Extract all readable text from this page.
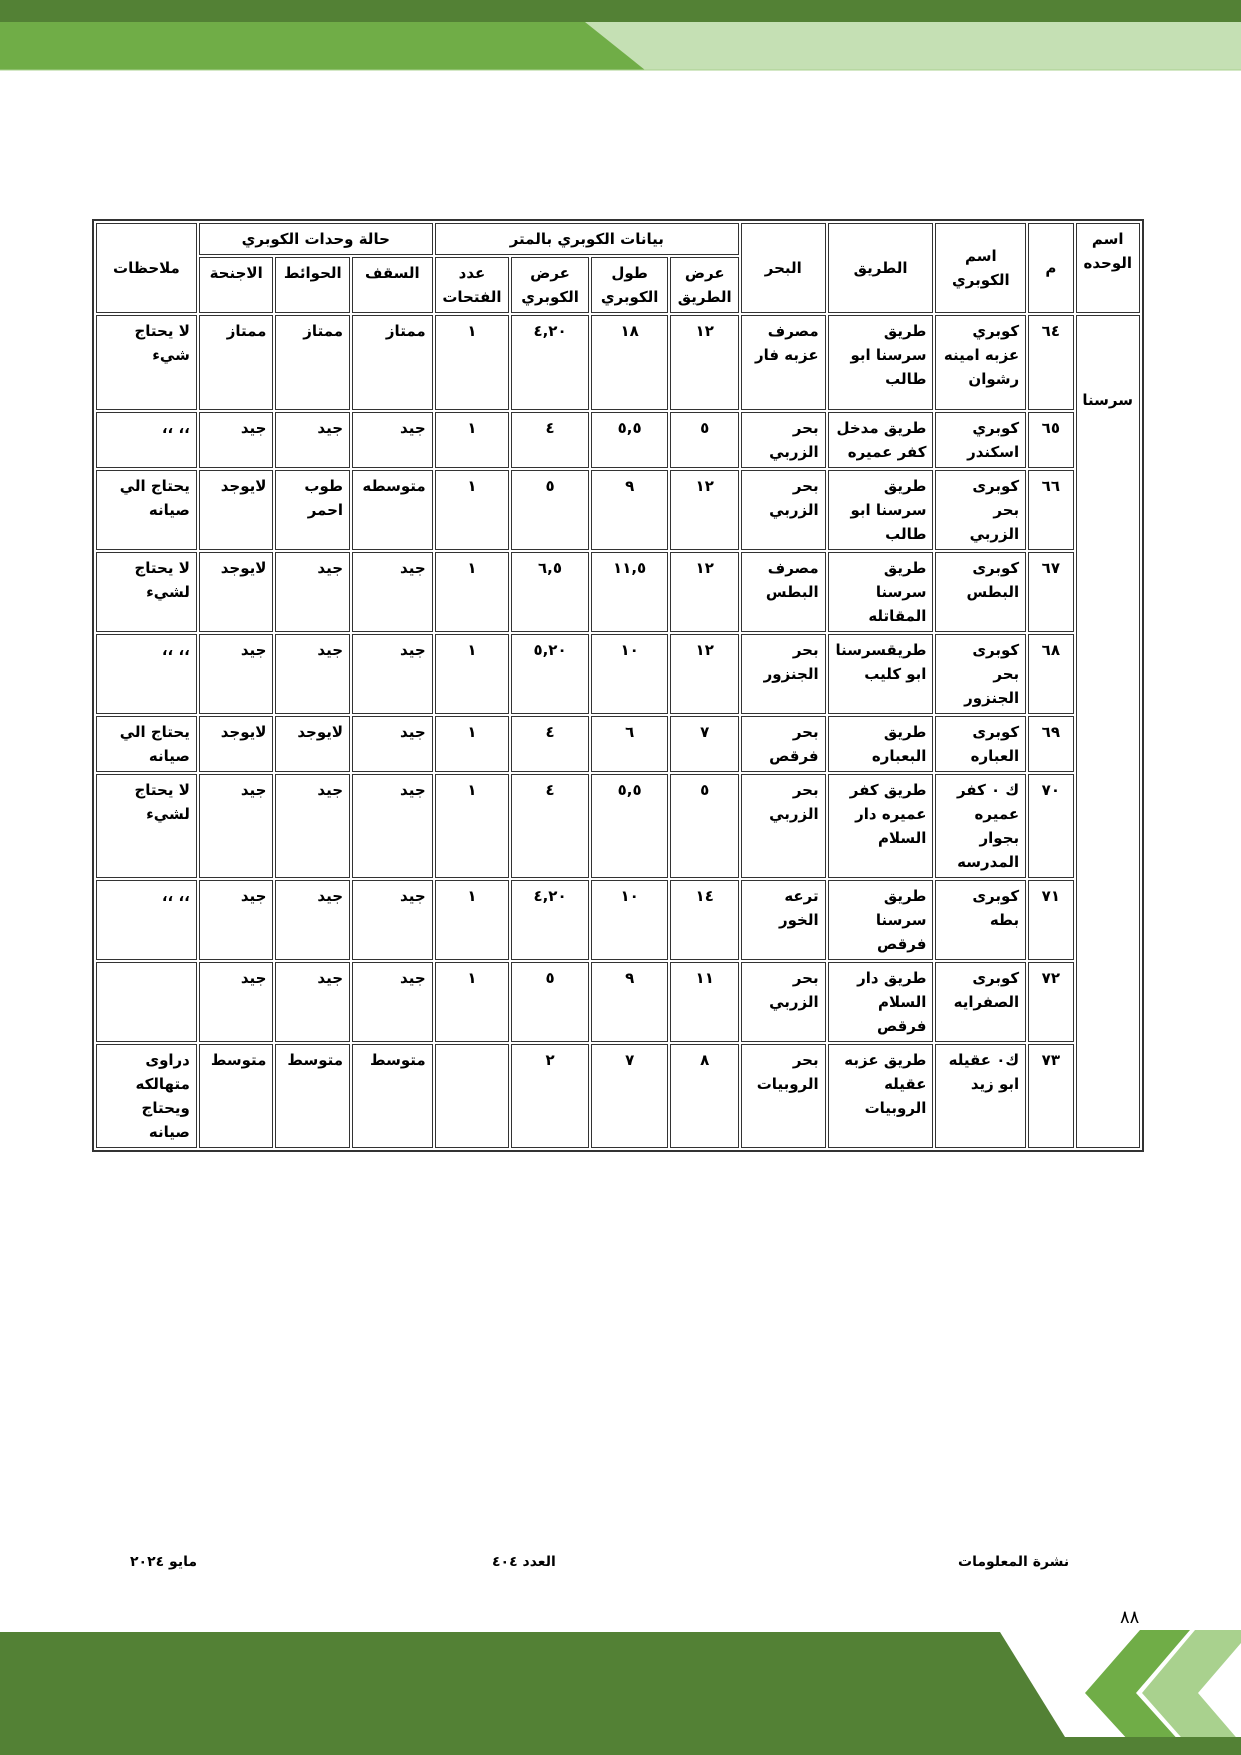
اسم الوحده	م	اسم الكوبري	الطريق	البحر	بيانات الكوبري بالمتر				حالة وحدات الكوبري			ملاحظات
					عرض الطريق	طول الكوبري	عرض الكوبري	عدد الفتحات	السقف	الحوائط	الاجنحة	
سرسنا	٦٤	كوبري عزبه امينه رشوان	طريق سرسنا ابو طالب	مصرف عزبه فار	١٢	١٨	٤,٢٠	١	ممتاز	ممتاز	ممتاز	لا يحتاج شيء
	٦٥	كوبري اسكندر	طريق مدخل كفر عميره	بحر الزربي	٥	٥,٥	٤	١	جيد	جيد	جيد	،، ،،
	٦٦	كوبرى بحر الزربي	طريق سرسنا ابو طالب	بحر الزربي	١٢	٩	٥	١	متوسطه	طوب احمر	لايوجد	يحتاج الي صيانه
	٦٧	كوبرى البطس	طريق سرسنا المقاتله	مصرف البطس	١٢	١١,٥	٦,٥	١	جيد	جيد	لايوجد	لا يحتاج لشيء
	٦٨	كوبرى بحر الجنزور	طريقسرسنا ابو كليب	بحر الجنزور	١٢	١٠	٥,٢٠	١	جيد	جيد	جيد	،، ،،
	٦٩	كوبرى العباره	طريق البعباره	بحر فرقص	٧	٦	٤	١	جيد	لايوجد	لايوجد	يحتاج الي صيانه
	٧٠	ك ٠ كفر عميره بجوار المدرسه	طريق كفر عميره دار السلام	بحر الزربي	٥	٥,٥	٤	١	جيد	جيد	جيد	لا يحتاج لشيء
	٧١	كوبرى بطه	طريق سرسنا فرقص	ترعه الخور	١٤	١٠	٤,٢٠	١	جيد	جيد	جيد	،، ،،
	٧٢	كوبرى الصفرايه	طريق دار السلام فرقص	بحر الزربي	١١	٩	٥	١	جيد	جيد	جيد	
	٧٣	ك٠ عقيله ابو زيد	طريق عزبه عقيله الروبيات	بحر الروبيات	٨	٧	٢		متوسط	متوسط	متوسط	دراوى متهالكه ويحتاج صيانه
نشرة المعلومات
العدد ٤٠٤
مايو ٢٠٢٤
٨٨
